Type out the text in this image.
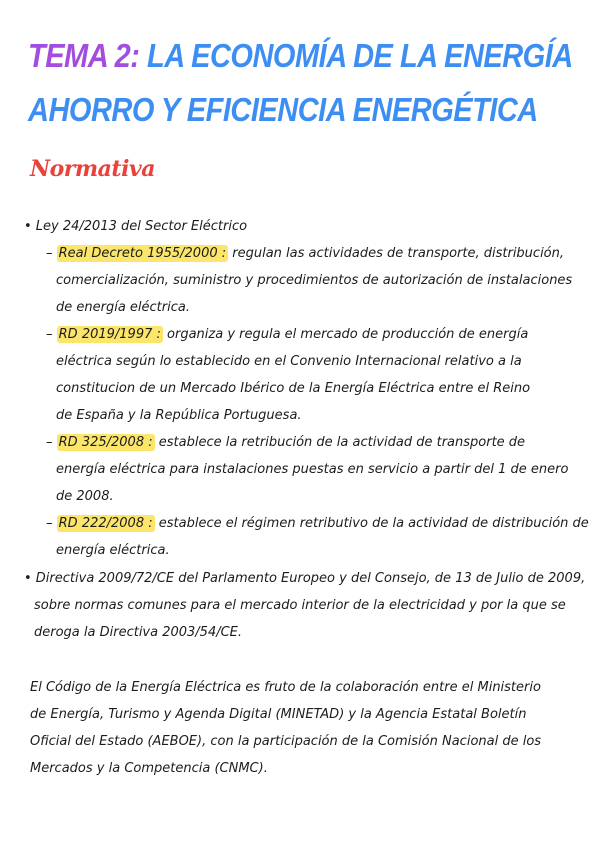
TEMA 2: LA ECONOMÍA DE LA ENERGÍA
AHORRO Y EFICIENCIA ENERGÉTICA
Normativa
• Ley 24/2013 del Sector Eléctrico
– Real Decreto 1955/2000 : regulan las actividades de transporte, distribución,
comercialización, suministro y procedimientos de autorización de instalaciones
de energía eléctrica.
– RD 2019/1997 : organiza y regula el mercado de producción de energía
eléctrica según lo establecido en el Convenio Internacional relativo a la
constitucion de un Mercado Ibérico de la Energía Eléctrica entre el Reino
de España y la República Portuguesa.
– RD 325/2008 : establece la retribución de la actividad de transporte de
energía eléctrica para instalaciones puestas en servicio a partir del 1 de enero
de 2008.
– RD 222/2008 : establece el régimen retributivo de la actividad de distribución de
energía eléctrica.
• Directiva 2009/72/CE del Parlamento Europeo y del Consejo, de 13 de Julio de 2009,
sobre normas comunes para el mercado interior de la electricidad y por la que se
deroga la Directiva 2003/54/CE.
El Código de la Energía Eléctrica es fruto de la colaboración entre el Ministerio
de Energía, Turismo y Agenda Digital (MINETAD) y la Agencia Estatal Boletín
Oficial del Estado (AEBOE), con la participación de la Comisión Nacional de los
Mercados y la Competencia (CNMC).
